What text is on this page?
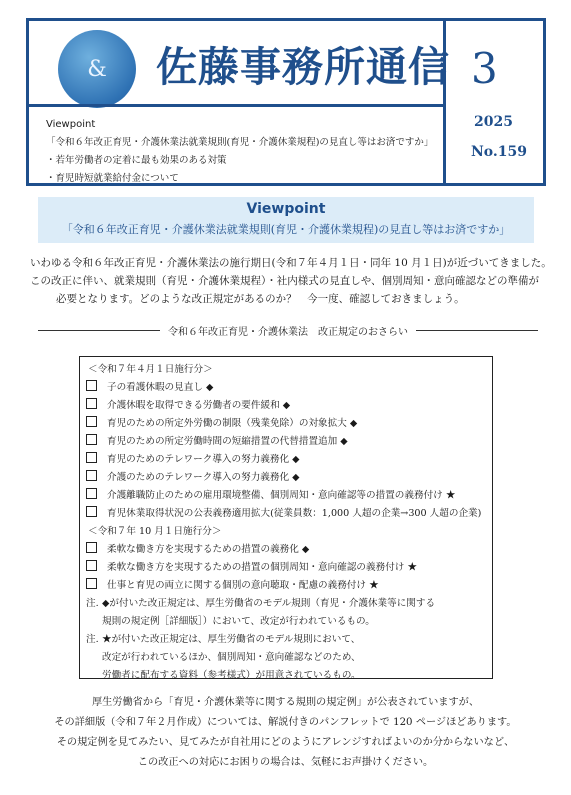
& 佐藤事務所通信 3
2025
No.159
Viewpoint
「令和６年改正育児・介護休業法就業規則(育児・介護休業規程)の見直し等はお済ですか」
・若年労働者の定着に最も効果のある対策
・育児時短就業給付金について
Viewpoint
「令和６年改正育児・介護休業法就業規則(育児・介護休業規程)の見直し等はお済ですか」

いわゆる令和６年改正育児・介護休業法の施行期日(令和７年４月１日・同年 10 月１日)が近づいてきました。

この改正に伴い、就業規則（育児・介護休業規程）・社内様式の見直しや、個別周知・意向確認などの準備が

必要となります。どのような改正規定があるのか？　今一度、確認しておきましょう。

令和６年改正育児・介護休業法　改正規定のおさらい
＜令和７年４月１日施行分＞
子の看護休暇の見直し ◆
介護休暇を取得できる労働者の要件緩和 ◆
育児のための所定外労働の制限（残業免除）の対象拡大 ◆
育児のための所定労働時間の短縮措置の代替措置追加 ◆
育児のためのテレワーク導入の努力義務化 ◆
介護のためのテレワーク導入の努力義務化 ◆
介護離職防止のための雇用環境整備、個別周知・意向確認等の措置の義務付け ★
育児休業取得状況の公表義務適用拡大(従業員数：1,000 人超の企業→300 人超の企業)
＜令和７年 10 月１日施行分＞
柔軟な働き方を実現するための措置の義務化 ◆
柔軟な働き方を実現するための措置の個別周知・意向確認の義務付け ★
仕事と育児の両立に関する個別の意向聴取・配慮の義務付け ★
注. ◆が付いた改正規定は、厚生労働省のモデル規則（育児・介護休業等に関する
規則の規定例［詳細版］）において、改定が行われているもの。
注. ★が付いた改正規定は、厚生労働省のモデル規則において、
改定が行われているほか、個別周知・意向確認などのため、
労働者に配布する資料（参考様式）が用意されているもの。

厚生労働省から「育児・介護休業等に関する規則の規定例」が公表されていますが、

その詳細版（令和７年２月作成）については、解説付きのパンフレットで 120 ページほどあります。

その規定例を見てみたい、見てみたが自社用にどのようにアレンジすればよいのか分からないなど、

この改正への対応にお困りの場合は、気軽にお声掛けください。
